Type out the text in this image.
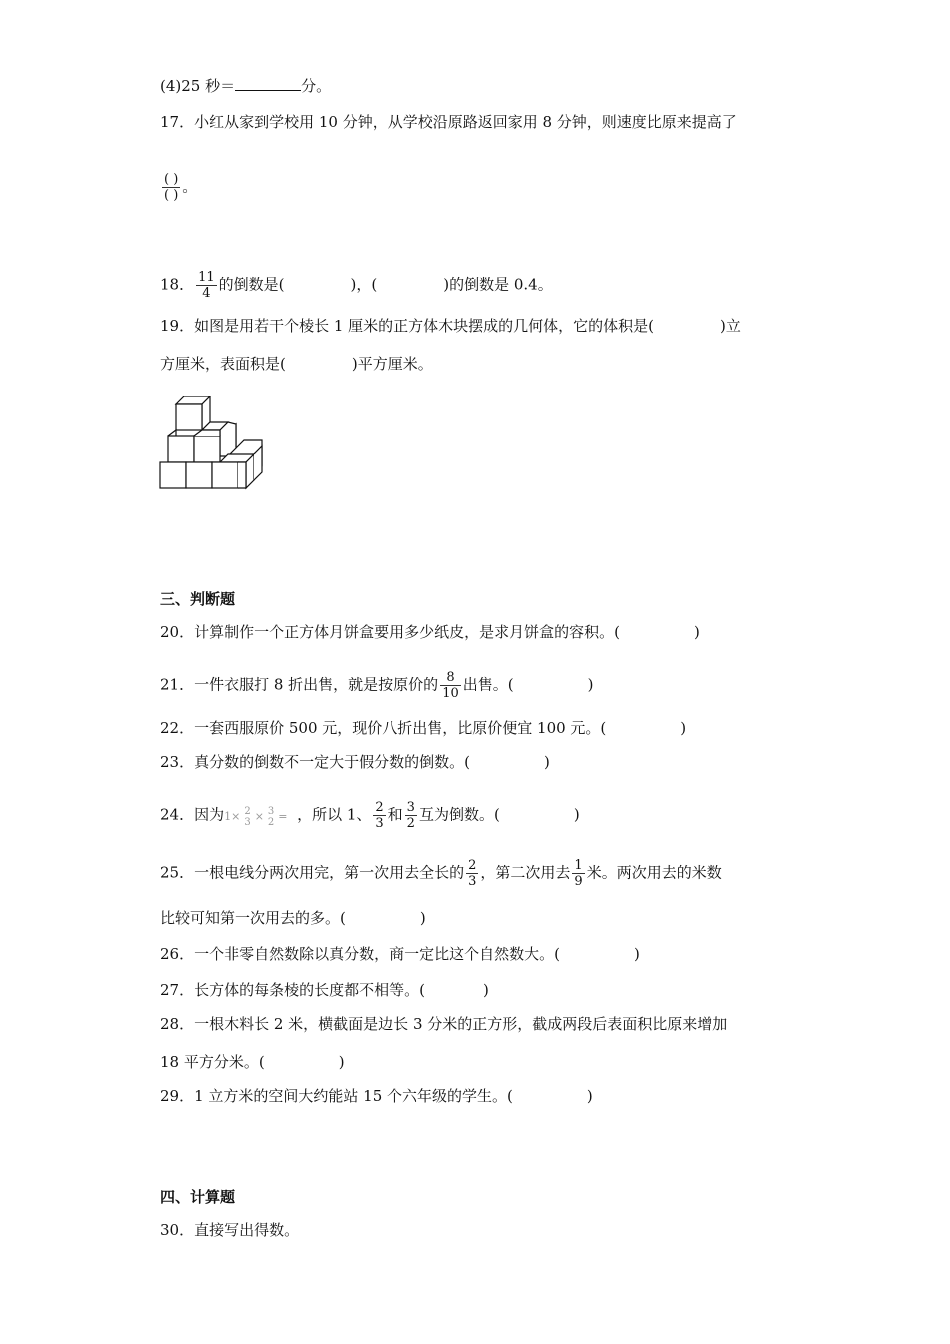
(4)25 秒＝	分。
17．小红从家到学校用 10 分钟，从学校沿原路返回家用 8 分钟，则速度比原来提高了
$\frac{( )}{( )}$ 。
18． $\frac{11}{4}$ 的倒数是(	)，(	)的倒数是 0.4。
19．如图是用若干个棱长 1 厘米的正方体木块摆成的几何体，它的体积是(	)立
方厘米，表面积是(	)平方厘米。
三、判断题
20．计算制作一个正方体月饼盒要用多少纸皮，是求月饼盒的容积。(	)
21．一件衣服打 8 折出售，就是按原价的 $\frac{8}{10}$ 出售。(	)
22．一套西服原价 500 元，现价八折出售，比原价便宜 100 元。(	)
23．真分数的倒数不一定大于假分数的倒数。(	)
24．因为1× 2
3 × 3
2 = ，所以 1、 $\frac{2}{3}$ 和 $\frac{3}{2}$ 互为倒数。(	)
25．一根电线分两次用完，第一次用去全长的 $\frac{2}{3}$ ，第二次用去 $\frac{1}{9}$ 米。两次用去的米数
比较可知第一次用去的多。(	)
26．一个非零自然数除以真分数，商一定比这个自然数大。(	)
27．长方体的每条棱的长度都不相等。(	)
28．一根木料长 2 米，横截面是边长 3 分米的正方形，截成两段后表面积比原来增加
18 平方分米。(	)
29．1 立方米的空间大约能站 15 个六年级的学生。(	)
四、计算题
30．直接写出得数。
